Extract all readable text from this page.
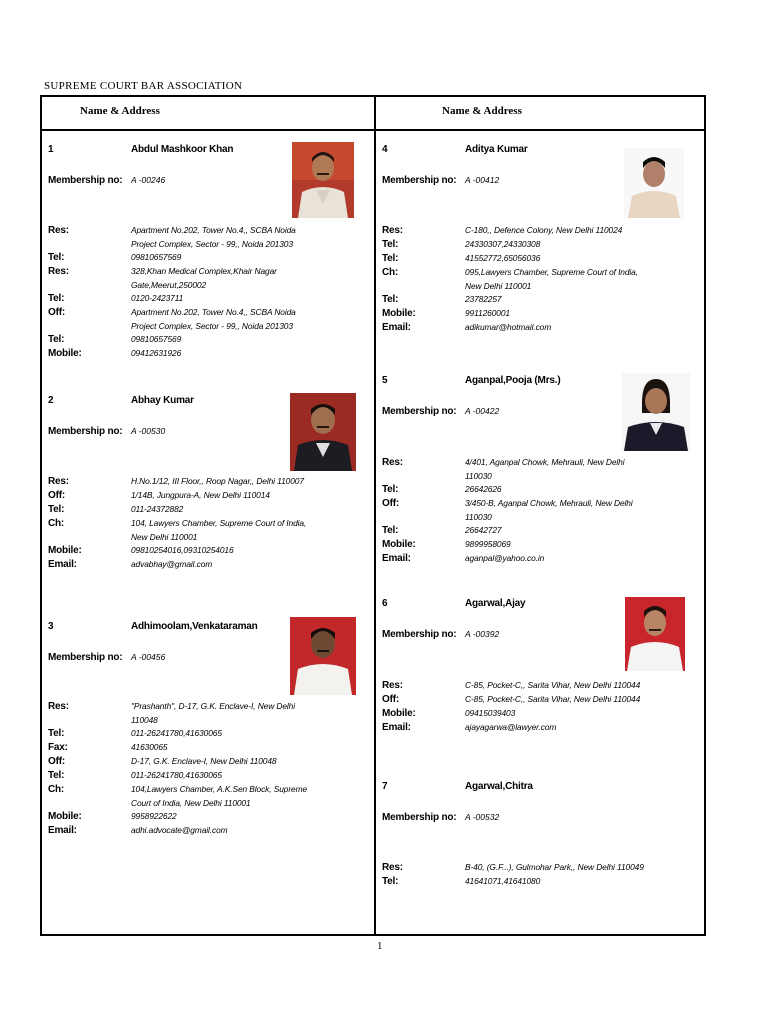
SUPREME COURT BAR ASSOCIATION
Name & Address	Name & Address
1	Abdul Mashkoor Khan
Membership no: A -00246
Res:	Apartment No.202, Tower No.4,, SCBA Noida Project Complex, Sector - 99,, Noida 201303
Tel:	09810657569
Res:	328,Khan Medical Complex,Khair Nagar Gate,Meerut,250002
Tel:	0120-2423711
Off:	Apartment No.202, Tower No.4,, SCBA Noida Project Complex, Sector - 99,, Noida 201303
Tel:	09810657569
Mobile:	09412631926
2	Abhay Kumar
Membership no: A -00530
Res:	H.No.1/12, III Floor,, Roop Nagar,, Delhi 110007
Off:	1/14B, Jungpura-A, New Delhi 110014
Tel:	011-24372882
Ch:	104, Lawyers Chamber, Supreme Court of India, New Delhi 110001
Mobile:	09810254016,09310254016
Email:	advabhay@gmail.com
3	Adhimoolam,Venkataraman
Membership no: A -00456
Res:	"Prashanth", D-17, G.K. Enclave-I, New Delhi 110048
Tel:	011-26241780,41630065
Fax:	41630065
Off:	D-17, G.K. Enclave-I, New Delhi 110048
Tel:	011-26241780,41630065
Ch:	104,Lawyers Chamber, A.K.Sen Block, Supreme Court of India, New Delhi 110001
Mobile:	9958922622
Email:	adhi.advocate@gmail.com
4	Aditya Kumar
Membership no: A -00412
Res:	C-180,, Defence Colony, New Delhi 110024
Tel:	24330307,24330308
Tel:	41552772,65056036
Ch:	095,Lawyers Chamber, Supreme Court of India, New Delhi 110001
Tel:	23782257
Mobile:	9911260001
Email:	adikumar@hotmail.com
5	Aganpal,Pooja (Mrs.)
Membership no: A -00422
Res:	4/401, Aganpal Chowk, Mehrauli, New Delhi 110030
Tel:	26642626
Off:	3/450-B, Aganpal Chowk, Mehrauli, New Delhi 110030
Tel:	26642727
Mobile:	9899958069
Email:	aganpal@yahoo.co.in
6	Agarwal,Ajay
Membership no: A -00392
Res:	C-85, Pocket-C,, Sarita Vihar, New Delhi 110044
Off:	C-85, Pocket-C,, Sarita Vihar, New Delhi 110044
Mobile:	09415039403
Email:	ajayagarwa@lawyer.com
7	Agarwal,Chitra
Membership no: A -00532
Res:	B-40, (G.F...), Gulmohar Park,, New Delhi 110049
Tel:	41641071,41641080
1
